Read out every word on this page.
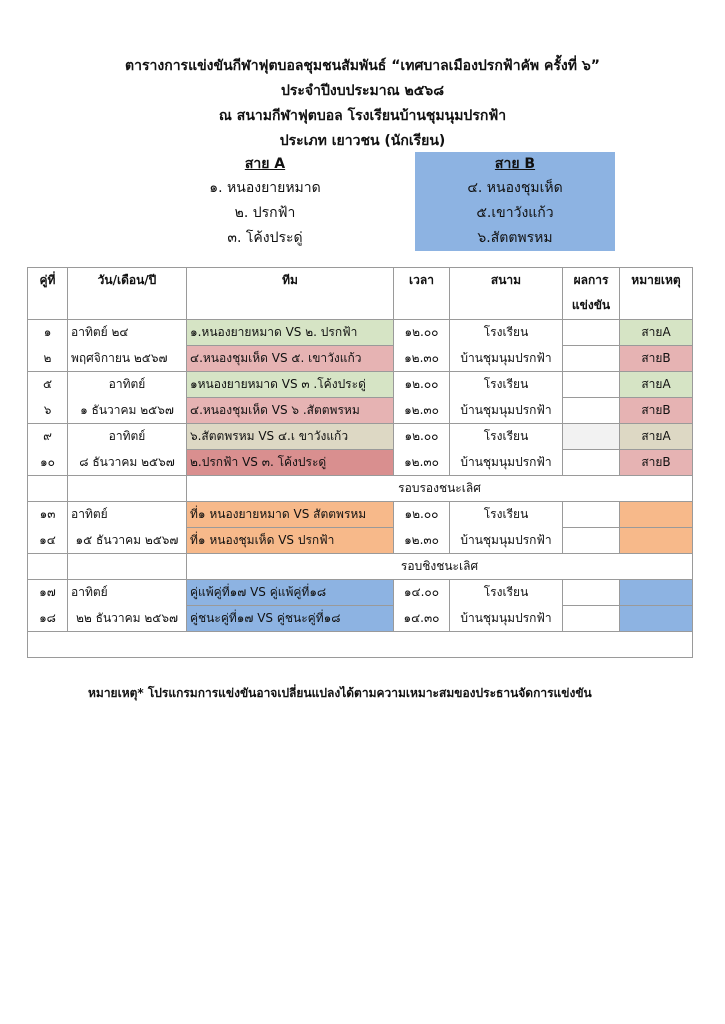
ตารางการแข่งขันกีฬาฟุตบอลชุมชนสัมพันธ์ “เทศบาลเมืองปรกฟ้าคัพ ครั้งที่ ๖”
ประจำปีงบประมาณ ๒๕๖๘
ณ สนามกีฬาฟุตบอล โรงเรียนบ้านชุมนุมปรกฟ้า
ประเภท เยาวชน (นักเรียน)
สาย A
๑. หนองยายหมาด
๒. ปรกฟ้า
๓. โค้งประดู่
สาย B
๔. หนองชุมเห็ด
๕.เขาวังแก้ว
๖.สัตตพรหม
คู่ที่	วัน/เดือน/ปี	ทีม	เวลา	สนาม	ผลการ
แข่งขัน	หมายเหตุ
๑	อาทิตย์ ๒๔	๑.หนองยายหมาด VS ๒. ปรกฟ้า	๑๒.๐๐	โรงเรียน		สายA
๒	พฤศจิกายน ๒๕๖๗	๔.หนองชุมเห็ด VS ๕. เขาวังแก้ว	๑๒.๓๐	บ้านชุมนุมปรกฟ้า		สายB
๕	อาทิตย์	๑หนองยายหมาด VS ๓ .โค้งประดู่	๑๒.๐๐	โรงเรียน		สายA
๖	๑ ธันวาคม ๒๕๖๗	๔.หนองชุมเห็ด VS ๖ .สัตตพรหม	๑๒.๓๐	บ้านชุมนุมปรกฟ้า		สายB
๙	อาทิตย์	๖.สัตตพรหม VS ๔.เ ขาวังแก้ว	๑๒.๐๐	โรงเรียน		สายA
๑๐	๘ ธันวาคม ๒๕๖๗	๒.ปรกฟ้า VS ๓. โค้งประดู่	๑๒.๓๐	บ้านชุมนุมปรกฟ้า		สายB
		รอบรองชนะเลิศ				
๑๓	อาทิตย์	ที่๑ หนองยายหมาด VS สัตตพรหม	๑๒.๐๐	โรงเรียน		
๑๔	๑๕ ธันวาคม ๒๕๖๗	ที่๑ หนองชุมเห็ด VS ปรกฟ้า	๑๒.๓๐	บ้านชุมนุมปรกฟ้า		
		รอบชิงชนะเลิศ				
๑๗	อาทิตย์	คู่แพ้คู่ที่๑๗ VS คู่แพ้คู่ที่๑๘	๑๔.๐๐	โรงเรียน		
๑๘	๒๒ ธันวาคม ๒๕๖๗	คู่ชนะคู่ที่๑๗ VS คู่ชนะคู่ที่๑๘	๑๔.๓๐	บ้านชุมนุมปรกฟ้า		

หมายเหตุ* โปรแกรมการแข่งขันอาจเปลี่ยนแปลงได้ตามความเหมาะสมของประธานจัดการแข่งขัน
